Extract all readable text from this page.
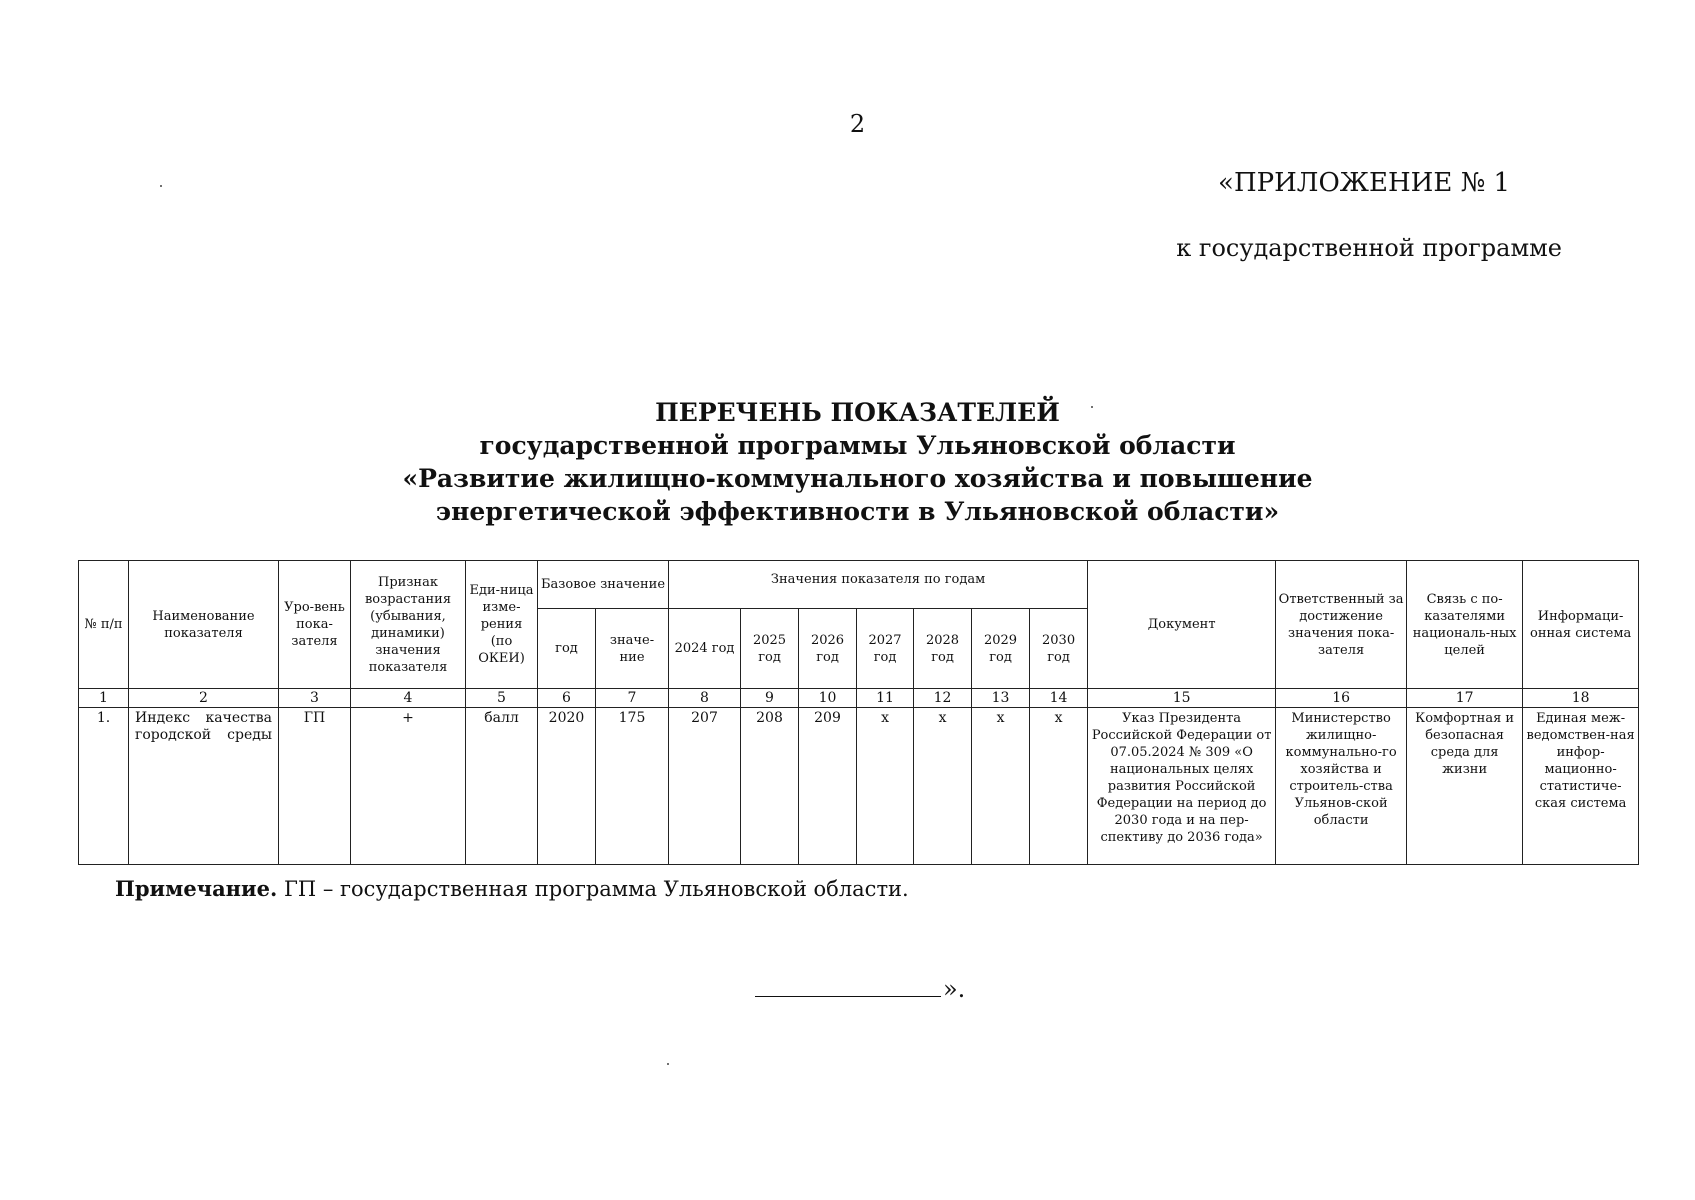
2
«ПРИЛОЖЕНИЕ № 1
к государственной программе
ПЕРЕЧЕНЬ ПОКАЗАТЕЛЕЙ
государственной программы Ульяновской области
«Развитие жилищно-коммунального хозяйства и повышение
энергетической эффективности в Ульяновской области»
№ п/п	Наименование показателя	Уро-вень пока-зателя	Признак возрастания (убывания, динамики) значения показателя	Еди-ница изме-рения (по ОКЕИ)	Базовое значение		Значения показателя по годам							Документ	Ответственный за достижение значения пока-зателя	Связь с по-казателями националь-ных целей	Информаци-онная система
					год	значе-ние	2024 год	2025 год	2026 год	2027 год	2028 год	2029 год	2030 год				
1	2	3	4	5	6	7	8	9	10	11	12	13	14	15	16	17	18
1.	Индекс качества городской среды	ГП	+	балл	2020	175	207	208	209	x	x	x	x	Указ Президента Российской Федерации от 07.05.2024 № 309 «О национальных целях развития Российской Федерации на период до 2030 года и на пер-спективу до 2036 года»	Министерство жилищно-коммунально-го хозяйства и строитель-ства Ульянов-ской области	Комфортная и безопасная среда для жизни	Единая меж-ведомствен-ная инфор-мационно-статистиче-ская система
Примечание. ГП – государственная программа Ульяновской области.
».
